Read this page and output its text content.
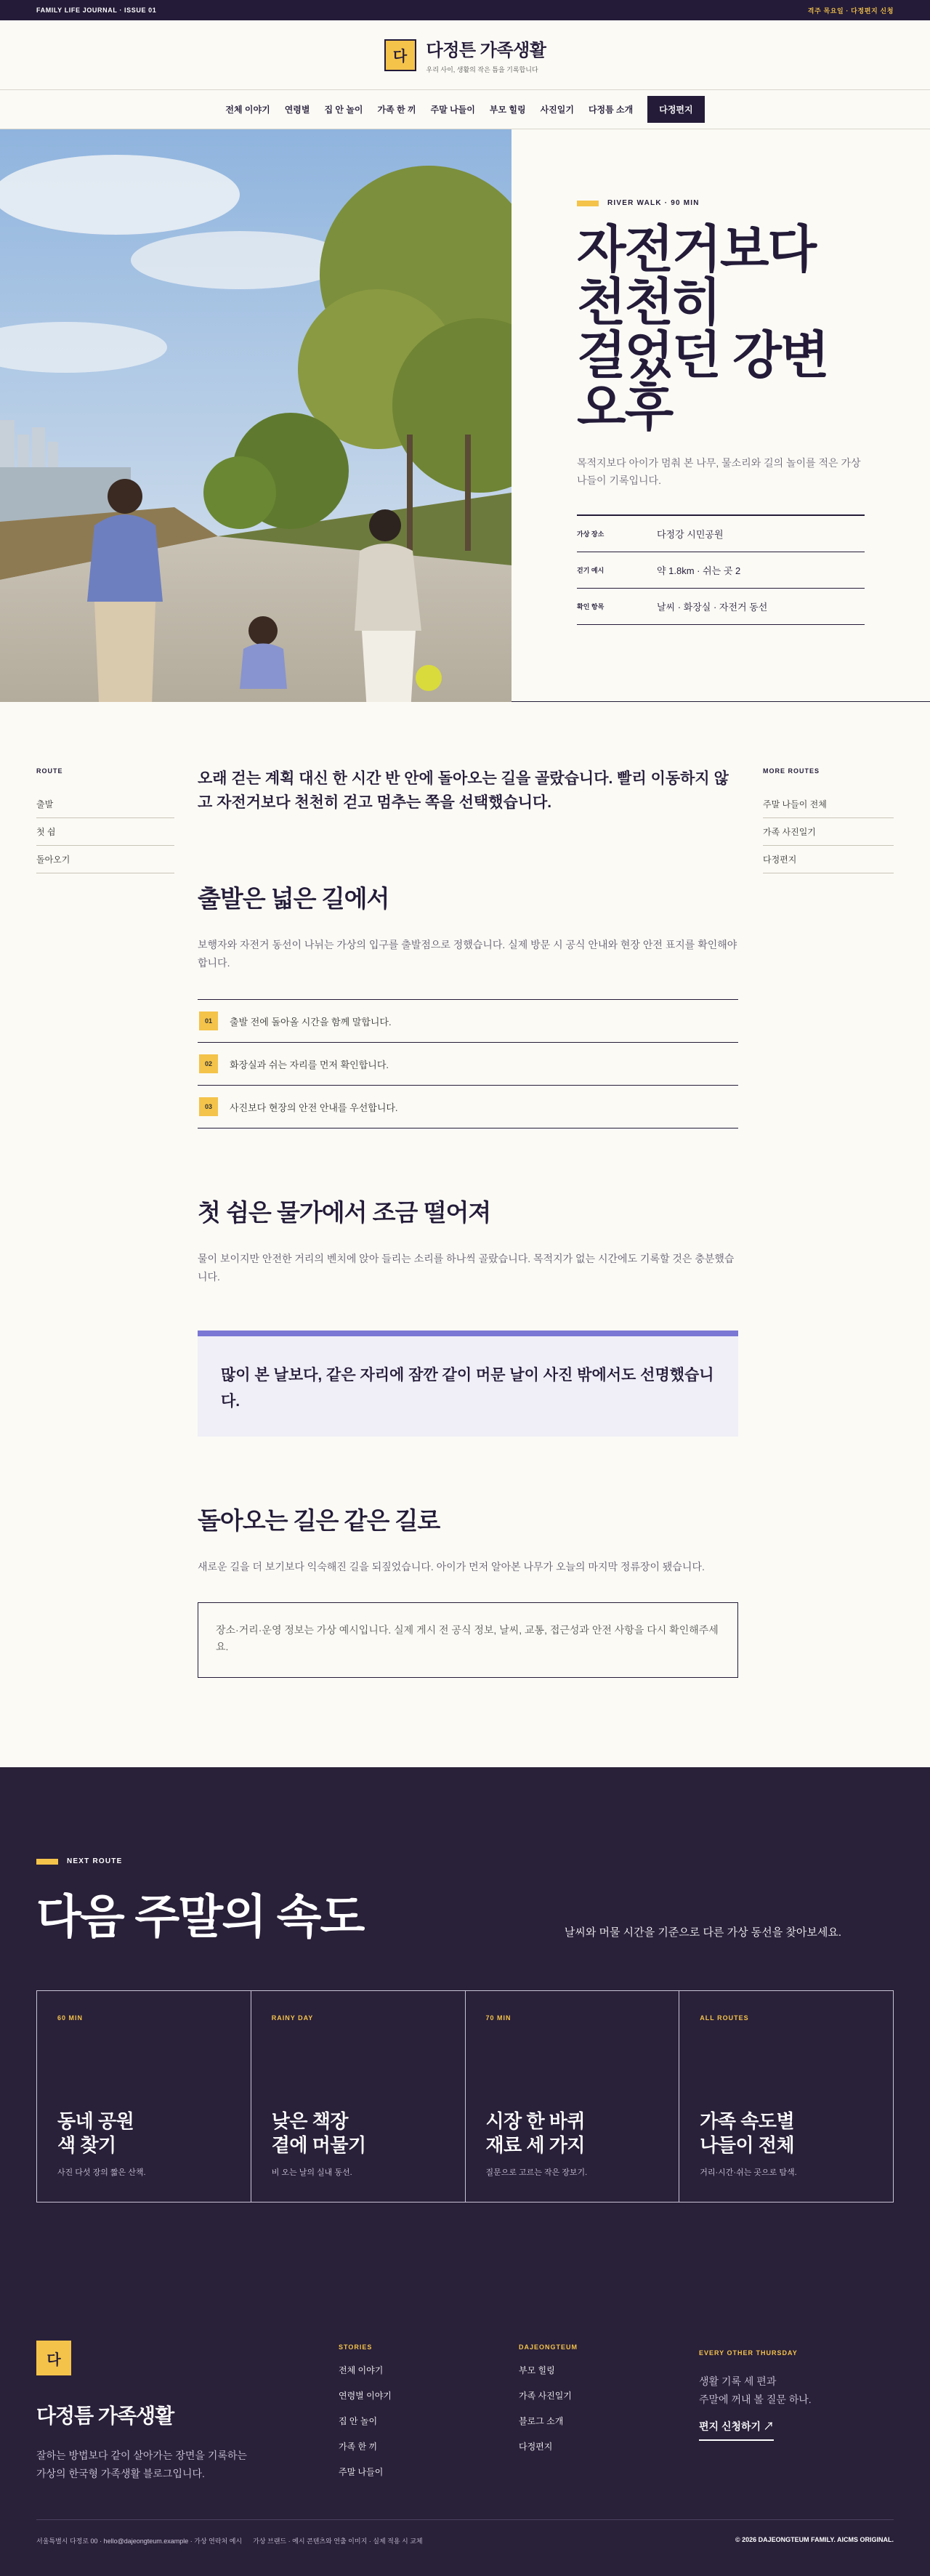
FAMILY LIFE JOURNAL · ISSUE 01	격주 목요일 · 다정편지 신청
다	다정튼 가족생활
우리 사이, 생활의 작은 틈을 기록합니다
전체 이야기 연령별 집 안 놀이 가족 한 끼 주말 나들이 부모 힐링 사진일기 다정틈 소개	다정편지
RIVER WALK · 90 MIN
자전거보다
천천히
걸었던 강변
오후

목적지보다 아이가 멈춰 본 나무, 물소리와 길의 놀이를 적은 가상 나들이 기록입니다.

가상 장소	다정강 시민공원
걷기 예시	약 1.8km · 쉬는 곳 2
확인 항목	날씨 · 화장실 · 자전거 동선
ROUTE
출발
첫 쉼
돌아오기

오래 걷는 계획 대신 한 시간 반 안에 돌아오는 길을 골랐습니다. 빨리 이동하지 않고 자전거보다 천천히 걷고 멈추는 쪽을 선택했습니다.

출발은 넓은 길에서

보행자와 자전거 동선이 나뉘는 가상의 입구를 출발점으로 정했습니다. 실제 방문 시 공식 안내와 현장 안전 표지를 확인해야 합니다.

01	출발 전에 돌아올 시간을 함께 말합니다.
02	화장실과 쉬는 자리를 먼저 확인합니다.
03	사진보다 현장의 안전 안내를 우선합니다.
첫 쉼은 물가에서 조금 떨어져

물이 보이지만 안전한 거리의 벤치에 앉아 들리는 소리를 하나씩 골랐습니다. 목적지가 없는 시간에도 기록할 것은 충분했습니다.

많이 본 날보다, 같은 자리에 잠깐 같이 머문 날이 사진 밖에서도 선명했습니다.
돌아오는 길은 같은 길로

새로운 길을 더 보기보다 익숙해진 길을 되짚었습니다. 아이가 먼저 알아본 나무가 오늘의 마지막 정류장이 됐습니다.

장소·거리·운영 정보는 가상 예시입니다. 실제 게시 전 공식 정보, 날씨, 교통, 접근성과 안전 사항을 다시 확인해주세요.
MORE ROUTES
주말 나들이 전체
가족 사진일기
다정편지
NEXT ROUTE
다음 주말의 속도	날씨와 머물 시간을 기준으로 다른 가상 동선을 찾아보세요.

60 MIN
동네 공원
색 찾기
사진 다섯 장의 짧은 산책.
RAINY DAY
낮은 책장
곁에 머물기
비 오는 날의 실내 동선.
70 MIN
시장 한 바퀴
재료 세 가지
질문으로 고르는 작은 장보기.
ALL ROUTES
가족 속도별
나들이 전체
거리·시간·쉬는 곳으로 탐색.
다
다정틈 가족생활

잘하는 방법보다 같이 살아가는 장면을 기록하는 가상의 한국형 가족생활 블로그입니다.

STORIES
전체 이야기
연령별 이야기
집 안 놀이
가족 한 끼
주말 나들이
DAJEONGTEUM
부모 힐링
가족 사진일기
블로그 소개
다정편지
EVERY OTHER THURSDAY

생활 기록 세 편과
주말에 꺼내 볼 질문 하나.

편지 신청하기 ↗
서울특별시 다정로 00 · hello@dajeongteum.example · 가상 연락처 예시 가상 브랜드 · 예시 콘텐츠와 연출 이미지 · 실제 적용 시 교체	© 2026 DAJEONGTEUM FAMILY. AICMS ORIGINAL.
